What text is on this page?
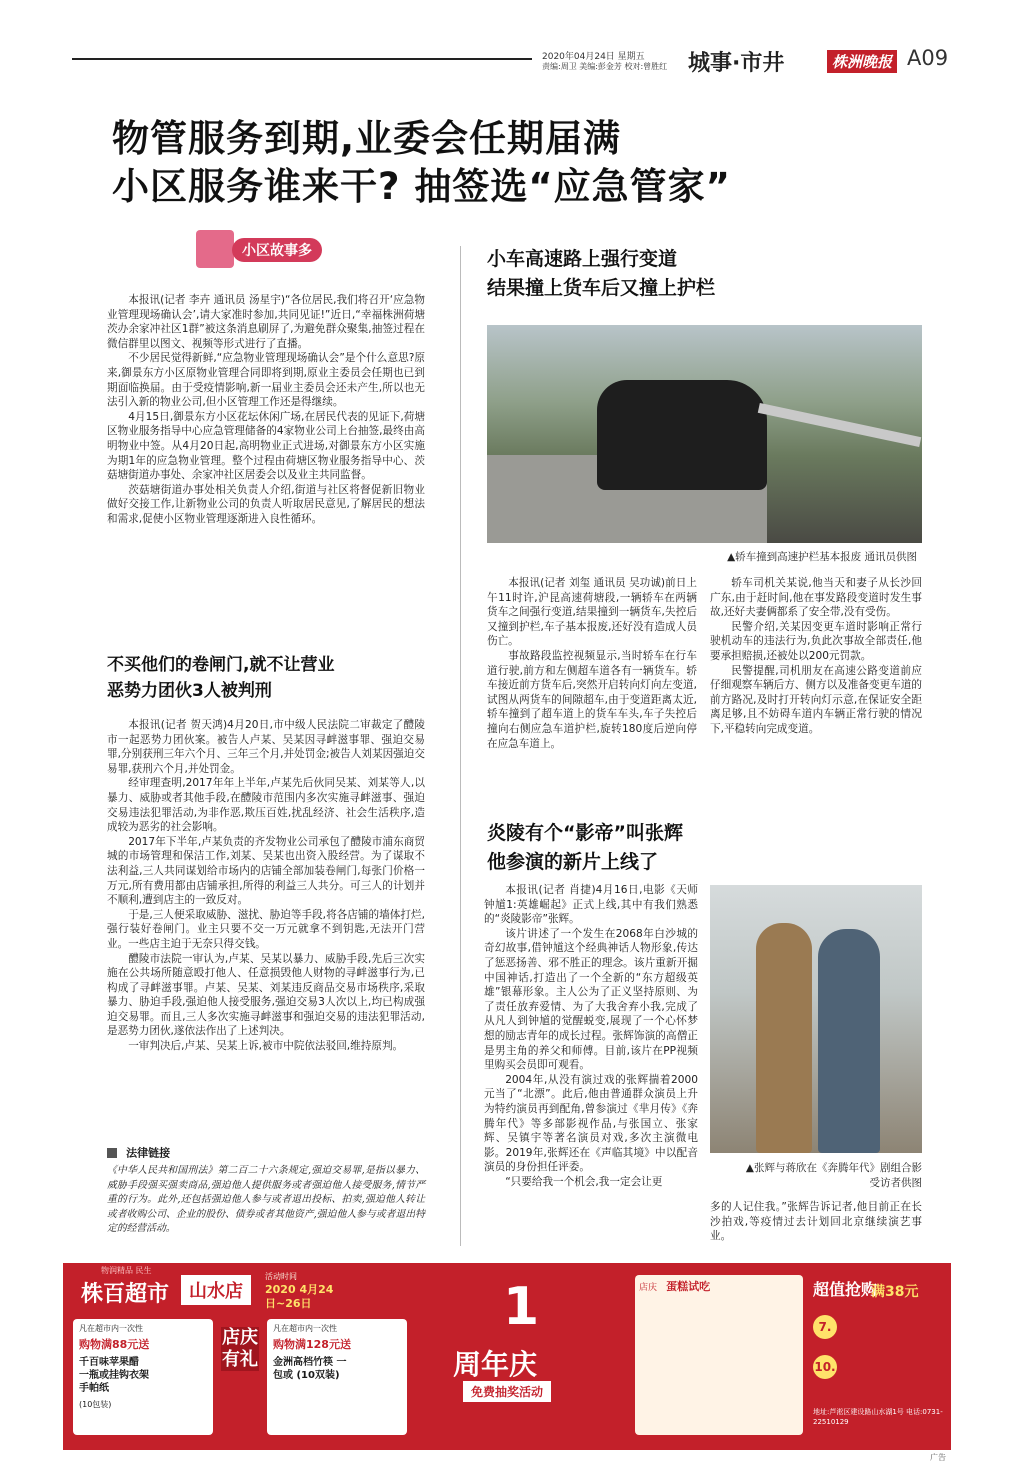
2020年04月24日 星期五
责编:周卫 美编:彭金芳 校对:曾胜红 城事·市井	株洲晚报 A09
物管服务到期,业委会任期届满
小区服务谁来干? 抽签选“应急管家”
小区故事多

本报讯(记者 李卉 通讯员 汤星宇)“各位居民,我们将召开‘应急物业管理现场确认会’,请大家准时参加,共同见证!”近日,“幸福株洲荷塘茨办余家冲社区1群”被这条消息刷屏了,为避免群众聚集,抽签过程在微信群里以图文、视频等形式进行了直播。

不少居民觉得新鲜,“应急物业管理现场确认会”是个什么意思?原来,御景东方小区原物业管理合同即将到期,原业主委员会任期也已到期面临换届。由于受疫情影响,新一届业主委员会还未产生,所以也无法引入新的物业公司,但小区管理工作还是得继续。

4月15日,御景东方小区花坛休闲广场,在居民代表的见证下,荷塘区物业服务指导中心应急管理储备的4家物业公司上台抽签,最终由高明物业中签。从4月20日起,高明物业正式进场,对御景东方小区实施为期1年的应急物业管理。整个过程由荷塘区物业服务指导中心、茨菇塘街道办事处、余家冲社区居委会以及业主共同监督。

茨菇塘街道办事处相关负责人介绍,街道与社区将督促新旧物业做好交接工作,让新物业公司的负责人听取居民意见,了解居民的想法和需求,促使小区物业管理逐渐进入良性循环。

不买他们的卷闸门,就不让营业
恶势力团伙3人被判刑

本报讯(记者 贺天鸿)4月20日,市中级人民法院二审裁定了醴陵市一起恶势力团伙案。被告人卢某、吴某因寻衅滋事罪、强迫交易罪,分别获刑三年六个月、三年三个月,并处罚金;被告人刘某因强迫交易罪,获刑六个月,并处罚金。

经审理查明,2017年年上半年,卢某先后伙同吴某、刘某等人,以暴力、威胁或者其他手段,在醴陵市范围内多次实施寻衅滋事、强迫交易违法犯罪活动,为非作恶,欺压百姓,扰乱经济、社会生活秩序,造成较为恶劣的社会影响。

2017年下半年,卢某负责的齐发物业公司承包了醴陵市浦东商贸城的市场管理和保洁工作,刘某、吴某也出资入股经营。为了谋取不法利益,三人共同谋划给市场内的店铺全部加装卷闸门,每张门价格一万元,所有费用都由店铺承担,所得的利益三人共分。可三人的计划并不顺利,遭到店主的一致反对。

于是,三人便采取威胁、滋扰、胁迫等手段,将各店铺的墙体打烂,强行装好卷闸门。业主只要不交一万元就拿不到钥匙,无法开门营业。一些店主迫于无奈只得交钱。

醴陵市法院一审认为,卢某、吴某以暴力、威胁手段,先后三次实施在公共场所随意殴打他人、任意损毁他人财物的寻衅滋事行为,已构成了寻衅滋事罪。卢某、吴某、刘某违反商品交易市场秩序,采取暴力、胁迫手段,强迫他人接受服务,强迫交易3人次以上,均已构成强迫交易罪。而且,三人多次实施寻衅滋事和强迫交易的违法犯罪活动,是恶势力团伙,遂依法作出了上述判决。

一审判决后,卢某、吴某上诉,被市中院依法驳回,维持原判。

法律链接
《中华人民共和国刑法》第二百二十六条规定,强迫交易罪,是指以暴力、威胁手段强买强卖商品,强迫他人提供服务或者强迫他人接受服务,情节严重的行为。此外,还包括强迫他人参与或者退出投标、拍卖,强迫他人转让或者收购公司、企业的股份、债券或者其他资产,强迫他人参与或者退出特定的经营活动。
小车高速路上强行变道
结果撞上货车后又撞上护栏
▲轿车撞到高速护栏基本报废 通讯员供图

本报讯(记者 刘玺 通讯员 吴功诚)前日上午11时许,沪昆高速荷塘段,一辆轿车在两辆货车之间强行变道,结果撞到一辆货车,失控后又撞到护栏,车子基本报废,还好没有造成人员伤亡。

事故路段监控视频显示,当时轿车在行车道行驶,前方和左侧超车道各有一辆货车。轿车接近前方货车后,突然开启转向灯向左变道,试图从两货车的间隙超车,由于变道距离太近,轿车撞到了超车道上的货车车头,车子失控后撞向右侧应急车道护栏,旋转180度后逆向停在应急车道上。

轿车司机关某说,他当天和妻子从长沙回广东,由于赶时间,他在事发路段变道时发生事故,还好夫妻俩都系了安全带,没有受伤。

民警介绍,关某因变更车道时影响正常行驶机动车的违法行为,负此次事故全部责任,他要承担赔损,还被处以200元罚款。

民警提醒,司机朋友在高速公路变道前应仔细观察车辆后方、侧方以及准备变更车道的前方路况,及时打开转向灯示意,在保证安全距离足够,且不妨碍车道内车辆正常行驶的情况下,平稳转向完成变道。

炎陵有个“影帝”叫张辉
他参演的新片上线了

本报讯(记者 肖捷)4月16日,电影《天师钟馗1:英雄崛起》正式上线,其中有我们熟悉的“炎陵影帝”张辉。

该片讲述了一个发生在2068年白沙城的奇幻故事,借钟馗这个经典神话人物形象,传达了惩恶扬善、邪不胜正的理念。该片重新开掘中国神话,打造出了一个全新的“东方超级英雄”银幕形象。主人公为了正义坚持原则、为了责任放弃爱情、为了大我舍弃小我,完成了从凡人到钟馗的觉醒蜕变,展现了一个心怀梦想的励志青年的成长过程。张辉饰演的高僧正是男主角的养父和师傅。目前,该片在PP视频里购买会员即可观看。

2004年,从没有演过戏的张辉揣着2000元当了“北漂”。此后,他由普通群众演员上升为特约演员再到配角,曾参演过《芈月传》《奔腾年代》等多部影视作品,与张国立、张家辉、吴镇宇等著名演员对戏,多次主演微电影。2019年,张辉还在《声临其境》中以配音演员的身份担任评委。

“只要给我一个机会,我一定会让更

▲张辉与蒋欣在《奔腾年代》剧组合影
受访者供图

多的人记住我。”张辉告诉记者,他目前正在长沙拍戏,等疫情过去计划回北京继续演艺事业。

株百超市
物润精品 民生
山水店
活动时间
2020 4月24日~26日
凡在超市内一次性
购物满88元送
千百味苹果醋 一瓶或挂钩衣架 手帕纸
(10包装)
店庆有礼
凡在超市内一次性
购物满128元送
金洲高档竹筷 一包或 (10双装)
1
周年庆
免费抽奖活动
店庆 蛋糕试吃	超值抢购
满38元
7.
10.
地址:芦淞区建设路山水湖1号 电话:0731-22510129
广告
